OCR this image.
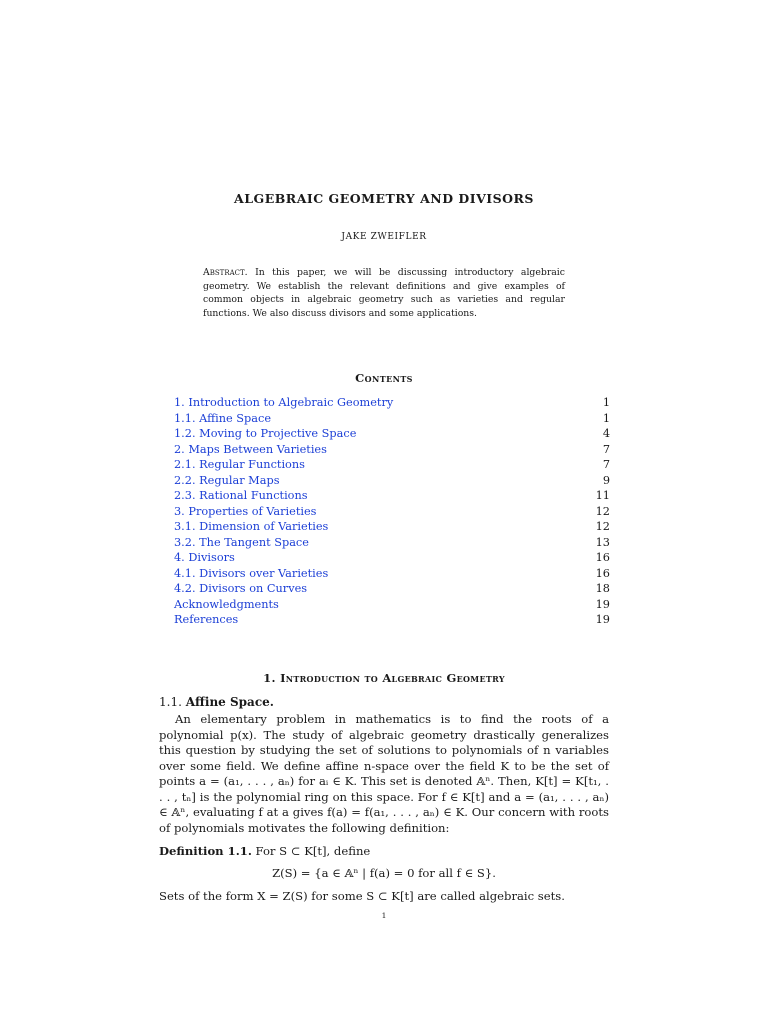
ALGEBRAIC GEOMETRY AND DIVISORS

JAKE ZWEIFLER

Abstract. In this paper, we will be discussing introductory algebraic geometry. We establish the relevant definitions and give examples of common objects in algebraic geometry such as varieties and regular functions. We also discuss divisors and some applications.

Contents
1. Introduction to Algebraic Geometry	1
1.1. Affine Space	1
1.2. Moving to Projective Space	4
2. Maps Between Varieties	7
2.1. Regular Functions	7
2.2. Regular Maps	9
2.3. Rational Functions	11
3. Properties of Varieties	12
3.1. Dimension of Varieties	12
3.2. The Tangent Space	13
4. Divisors	16
4.1. Divisors over Varieties	16
4.2. Divisors on Curves	18
Acknowledgments	19
References	19
1. Introduction to Algebraic Geometry

1.1. Affine Space.

An elementary problem in mathematics is to find the roots of a polynomial p(x). The study of algebraic geometry drastically generalizes this question by studying the set of solutions to polynomials of n variables over some field. We define affine n-space over the field K to be the set of points a = (a₁, . . . , aₙ) for aᵢ ∈ K. This set is denoted 𝔸ⁿ. Then, K[t] = K[t₁, . . . , tₙ] is the polynomial ring on this space. For f ∈ K[t] and a = (a₁, . . . , aₙ) ∈ 𝔸ⁿ, evaluating f at a gives f(a) = f(a₁, . . . , aₙ) ∈ K. Our concern with roots of polynomials motivates the following definition:

Definition 1.1. For S ⊂ K[t], define

Z(S) = {a ∈ 𝔸ⁿ | f(a) = 0 for all f ∈ S}.

Sets of the form X = Z(S) for some S ⊂ K[t] are called algebraic sets.

1
